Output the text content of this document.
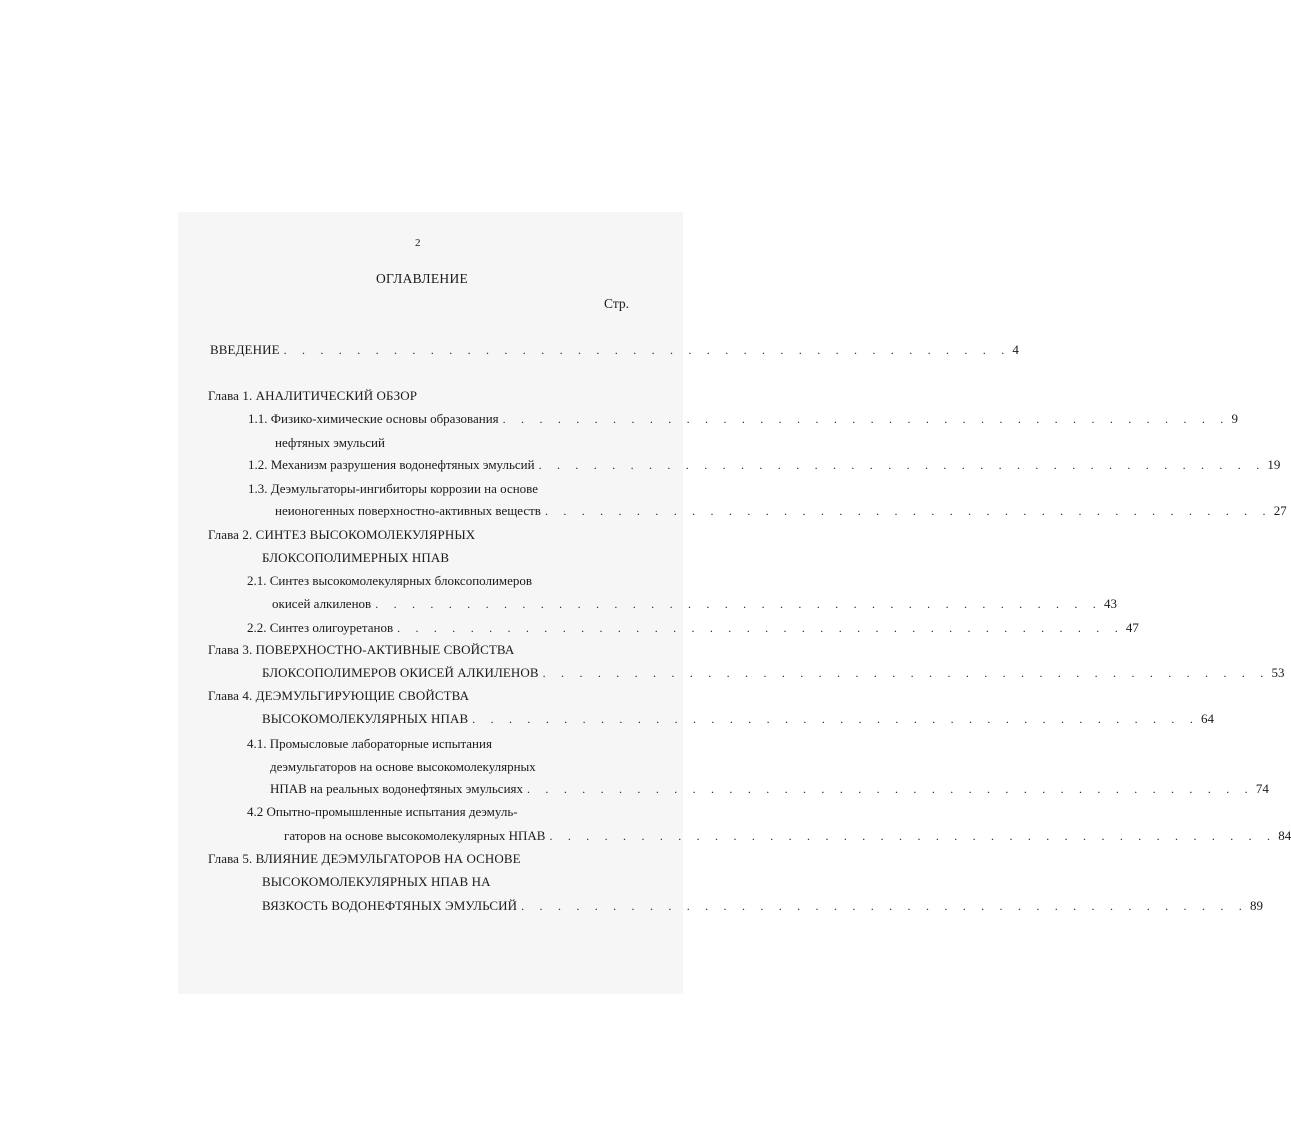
2
ОГЛАВЛЕНИЕ
Стр.
ВВЕДЕНИЕ . . . . . . . . . . . . . . . . . . . . . . . . . . . . . . . . . . . . . . . . 4
Глава 1. АНАЛИТИЧЕСКИЙ ОБЗОР
1.1. Физико-химические основы образования . . . . . . . . . . . . . . . . . . . . . . . . . . . . . . . . . . . . . . . . 9
нефтяных эмульсий
1.2. Механизм разрушения водонефтяных эмульсий . . . . . . . . . . . . . . . . . . . . . . . . . . . . . . . . . . . . . . . . 19
1.3. Деэмульгаторы-ингибиторы коррозии на основе
неионогенных поверхностно-активных веществ . . . . . . . . . . . . . . . . . . . . . . . . . . . . . . . . . . . . . . . . 27
Глава 2. СИНТЕЗ ВЫСОКОМОЛЕКУЛЯРНЫХ
БЛОКСОПОЛИМЕРНЫХ НПАВ
2.1. Синтез высокомолекулярных блоксополимеров
окисей алкиленов . . . . . . . . . . . . . . . . . . . . . . . . . . . . . . . . . . . . . . . . 43
2.2. Синтез олигоуретанов . . . . . . . . . . . . . . . . . . . . . . . . . . . . . . . . . . . . . . . . 47
Глава 3. ПОВЕРХНОСТНО-АКТИВНЫЕ СВОЙСТВА
БЛОКСОПОЛИМЕРОВ ОКИСЕЙ АЛКИЛЕНОВ . . . . . . . . . . . . . . . . . . . . . . . . . . . . . . . . . . . . . . . . 53
Глава 4. ДЕЭМУЛЬГИРУЮЩИЕ СВОЙСТВА
ВЫСОКОМОЛЕКУЛЯРНЫХ НПАВ . . . . . . . . . . . . . . . . . . . . . . . . . . . . . . . . . . . . . . . . 64
4.1. Промысловые лабораторные испытания
деэмульгаторов на основе высокомолекулярных
НПАВ на реальных водонефтяных эмульсиях . . . . . . . . . . . . . . . . . . . . . . . . . . . . . . . . . . . . . . . . 74
4.2 Опытно-промышленные испытания деэмуль-
гаторов на основе высокомолекулярных НПАВ . . . . . . . . . . . . . . . . . . . . . . . . . . . . . . . . . . . . . . . . 84
Глава 5. ВЛИЯНИЕ ДЕЭМУЛЬГАТОРОВ НА ОСНОВЕ
ВЫСОКОМОЛЕКУЛЯРНЫХ НПАВ НА
ВЯЗКОСТЬ ВОДОНЕФТЯНЫХ ЭМУЛЬСИЙ . . . . . . . . . . . . . . . . . . . . . . . . . . . . . . . . . . . . . . . . 89
